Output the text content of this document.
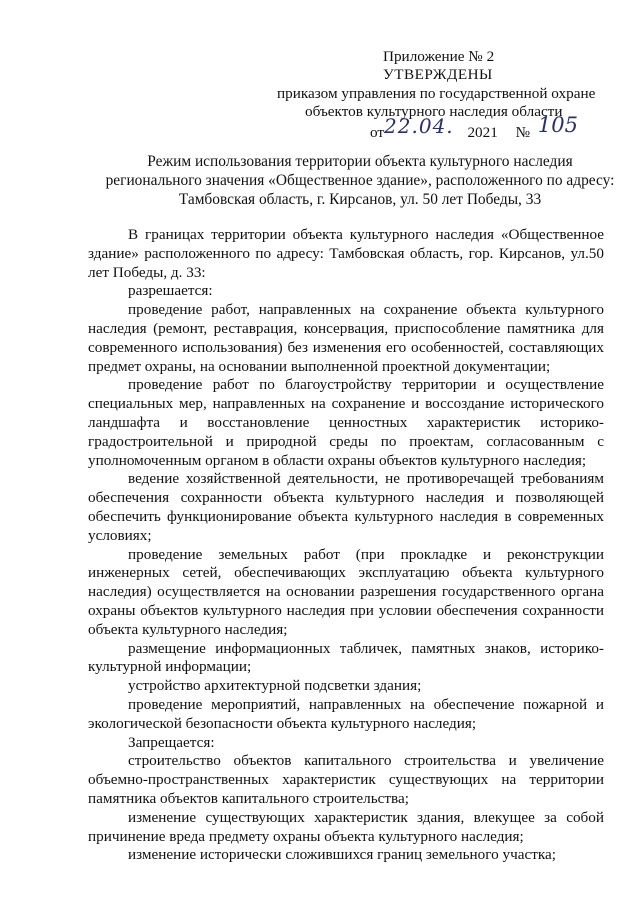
Приложение № 2
УТВЕРЖДЕНЫ
приказом управления по государственной охране
объектов культурного наследия области
от22.04. 2021 № 105
Режим использования территории объекта культурного наследия
регионального значения «Общественное здание», расположенного по адресу:
Тамбовская область, г. Кирсанов, ул. 50 лет Победы, 33

В границах территории объекта культурного наследия «Общественное здание» расположенного по адресу: Тамбовская область, гор. Кирсанов, ул.50 лет Победы, д. 33:

разрешается:

проведение работ, направленных на сохранение объекта культурного наследия (ремонт, реставрация, консервация, приспособление памятника для современного использования) без изменения его особенностей, составляющих предмет охраны, на основании выполненной проектной документации;

проведение работ по благоустройству территории и осуществление специальных мер, направленных на сохранение и воссоздание исторического ландшафта и восстановление ценностных характеристик историко-градостроительной и природной среды по проектам, согласованным с уполномоченным органом в области охраны объектов культурного наследия;

ведение хозяйственной деятельности, не противоречащей требованиям обеспечения сохранности объекта культурного наследия и позволяющей обеспечить функционирование объекта культурного наследия в современных условиях;

проведение земельных работ (при прокладке и реконструкции инженерных сетей, обеспечивающих эксплуатацию объекта культурного наследия) осуществляется на основании разрешения государственного органа охраны объектов культурного наследия при условии обеспечения сохранности объекта культурного наследия;

размещение информационных табличек, памятных знаков, историко-культурной информации;

устройство архитектурной подсветки здания;

проведение мероприятий, направленных на обеспечение пожарной и экологической безопасности объекта культурного наследия;

Запрещается:

строительство объектов капитального строительства и увеличение объемно-пространственных характеристик существующих на территории памятника объектов капитального строительства;

изменение существующих характеристик здания, влекущее за собой причинение вреда предмету охраны объекта культурного наследия;

изменение исторически сложившихся границ земельного участка;
